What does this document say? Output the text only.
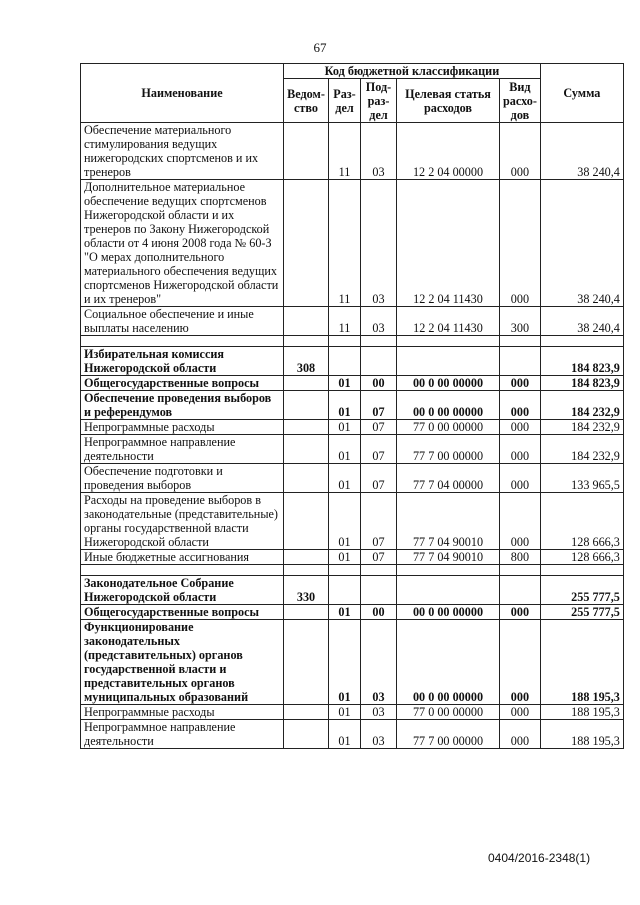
67
Наименование	Код бюджетной классификации					Сумма
	Ведом-ство	Раз-дел	Под-раз-дел	Целевая статья расходов	Вид расхо-дов	
Обеспечение материального стимулирования ведущих нижегородских спортсменов и их тренеров		11	03	12 2 04 00000	000	38 240,4
Дополнительное материальное обеспечение ведущих спортсменов Нижегородской области и их тренеров по Закону Нижегородской области от 4 июня 2008 года № 60-З "О мерах дополнительного материального обеспечения ведущих спортсменов Нижегородской области и их тренеров"		11	03	12 2 04 11430	000	38 240,4
Социальное обеспечение и иные выплаты населению		11	03	12 2 04 11430	300	38 240,4

Избирательная комиссия Нижегородской области	308					184 823,9
Общегосударственные вопросы		01	00	00 0 00 00000	000	184 823,9
Обеспечение проведения выборов и референдумов		01	07	00 0 00 00000	000	184 232,9
Непрограммные расходы		01	07	77 0 00 00000	000	184 232,9
Непрограммное направление деятельности		01	07	77 7 00 00000	000	184 232,9
Обеспечение подготовки и проведения выборов		01	07	77 7 04 00000	000	133 965,5
Расходы на проведение выборов в законодательные (представительные) органы государственной власти Нижегородской области		01	07	77 7 04 90010	000	128 666,3
Иные бюджетные ассигнования		01	07	77 7 04 90010	800	128 666,3

Законодательное Собрание Нижегородской области	330					255 777,5
Общегосударственные вопросы		01	00	00 0 00 00000	000	255 777,5
Функционирование законодательных (представительных) органов государственной власти и представительных органов муниципальных образований		01	03	00 0 00 00000	000	188 195,3
Непрограммные расходы		01	03	77 0 00 00000	000	188 195,3
Непрограммное направление деятельности		01	03	77 7 00 00000	000	188 195,3
0404/2016-2348(1)
